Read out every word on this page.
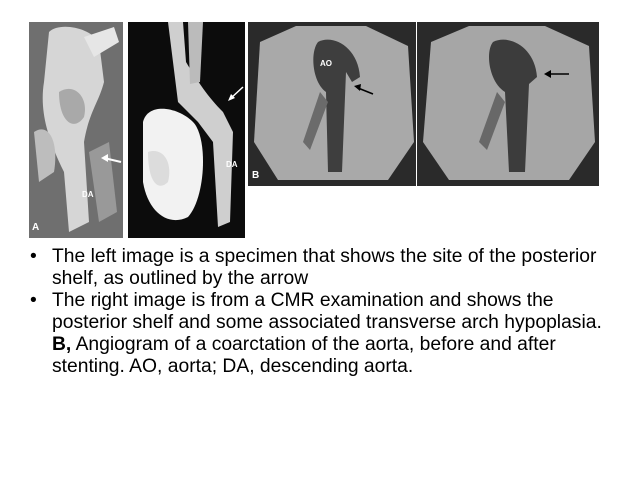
DA
A
DA
AO
B
• The left image is a specimen that shows the site of the posterior shelf, as outlined by the arrow
• The right image is from a CMR examination and shows the posterior shelf and some associated transverse arch hypoplasia. B, Angiogram of a coarctation of the aorta, before and after stenting. AO, aorta; DA, descending aorta.
